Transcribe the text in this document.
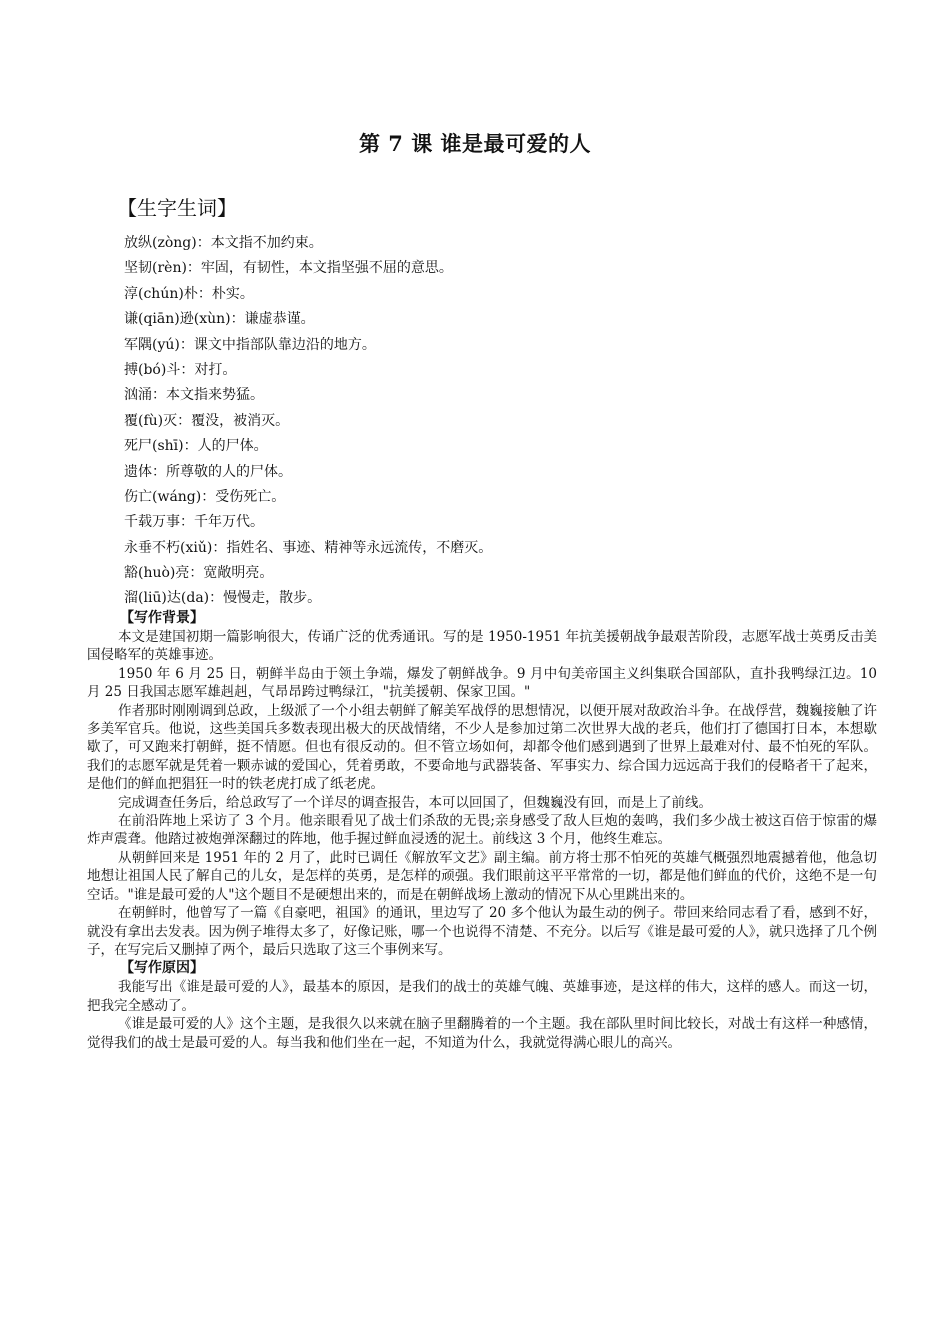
第 7 课 谁是最可爱的人
【生字生词】
放纵(zòng)：本文指不加约束。
坚韧(rèn)：牢固，有韧性，本文指坚强不屈的意思。
淳(chún)朴：朴实。
谦(qiān)逊(xùn)：谦虚恭谨。
军隅(yú)：课文中指部队靠边沿的地方。
搏(bó)斗：对打。
汹涌：本文指来势猛。
覆(fù)灭：覆没，被消灭。
死尸(shī)：人的尸体。
遗体：所尊敬的人的尸体。
伤亡(wáng)：受伤死亡。
千载万事：千年万代。
永垂不朽(xiǔ)：指姓名、事迹、精神等永远流传，不磨灭。
豁(huò)亮：宽敞明亮。
溜(liū)达(da)：慢慢走，散步。
【写作背景】

本文是建国初期一篇影响很大，传诵广泛的优秀通讯。写的是 1950-1951 年抗美援朝战争最艰苦阶段，志愿军战士英勇反击美国侵略军的英雄事迹。

1950 年 6 月 25 日，朝鲜半岛由于领土争端，爆发了朝鲜战争。9 月中旬美帝国主义纠集联合国部队，直扑我鸭绿江边。10 月 25 日我国志愿军雄赳赳，气昂昂跨过鸭绿江，"抗美援朝、保家卫国。"

作者那时刚刚调到总政，上级派了一个小组去朝鲜了解美军战俘的思想情况，以便开展对敌政治斗争。在战俘营，魏巍接触了许多美军官兵。他说，这些美国兵多数表现出极大的厌战情绪，不少人是参加过第二次世界大战的老兵，他们打了德国打日本，本想歇歇了，可又跑来打朝鲜，挺不情愿。但也有很反动的。但不管立场如何，却都令他们感到遇到了世界上最难对付、最不怕死的军队。我们的志愿军就是凭着一颗赤诚的爱国心，凭着勇敢，不要命地与武器装备、军事实力、综合国力远远高于我们的侵略者干了起来，是他们的鲜血把猖狂一时的铁老虎打成了纸老虎。

完成调查任务后，给总政写了一个详尽的调查报告，本可以回国了，但魏巍没有回，而是上了前线。

在前沿阵地上采访了 3 个月。他亲眼看见了战士们杀敌的无畏;亲身感受了敌人巨炮的轰鸣，我们多少战士被这百倍于惊雷的爆炸声震聋。他踏过被炮弹深翻过的阵地，他手握过鲜血浸透的泥土。前线这 3 个月，他终生难忘。

从朝鲜回来是 1951 年的 2 月了，此时已调任《解放军文艺》副主编。前方将士那不怕死的英雄气概强烈地震撼着他，他急切地想让祖国人民了解自己的儿女，是怎样的英勇，是怎样的顽强。我们眼前这平平常常的一切，都是他们鲜血的代价，这绝不是一句空话。"谁是最可爱的人"这个题目不是硬想出来的，而是在朝鲜战场上激动的情况下从心里跳出来的。

在朝鲜时，他曾写了一篇《自豪吧，祖国》的通讯，里边写了 20 多个他认为最生动的例子。带回来给同志看了看，感到不好，就没有拿出去发表。因为例子堆得太多了，好像记账，哪一个也说得不清楚、不充分。以后写《谁是最可爱的人》，就只选择了几个例子，在写完后又删掉了两个，最后只选取了这三个事例来写。

【写作原因】

我能写出《谁是最可爱的人》，最基本的原因，是我们的战士的英雄气魄、英雄事迹，是这样的伟大，这样的感人。而这一切，把我完全感动了。

《谁是最可爱的人》这个主题，是我很久以来就在脑子里翻腾着的一个主题。我在部队里时间比较长，对战士有这样一种感情，觉得我们的战士是最可爱的人。每当我和他们坐在一起，不知道为什么，我就觉得满心眼儿的高兴。
